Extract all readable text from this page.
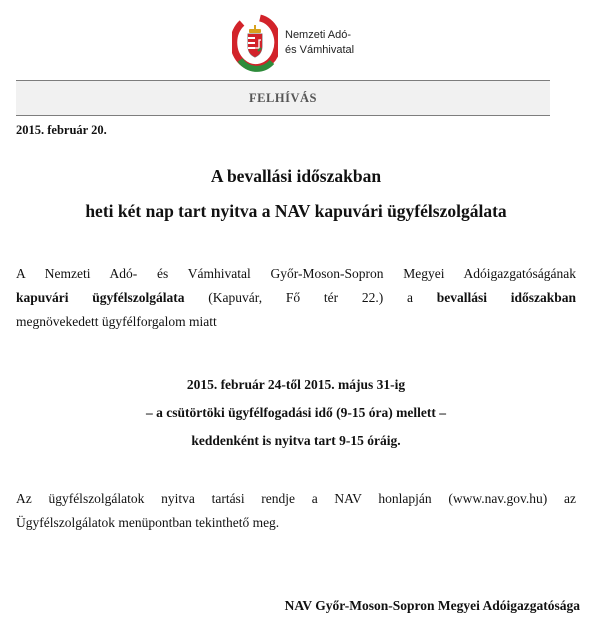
Nemzeti Adó-
és Vámhivatal
FELHÍVÁS
2015. február 20.
A bevallási időszakban
heti két nap tart nyitva a NAV kapuvári ügyfélszolgálata
A Nemzeti Adó- és Vámhivatal Győr-Moson-Sopron Megyei Adóigazgatóságának
kapuvári ügyfélszolgálata (Kapuvár, Fő tér 22.) a bevallási időszakban
megnövekedett ügyfélforgalom miatt
2015. február 24-től 2015. május 31-ig
– a csütörtöki ügyfélfogadási idő (9-15 óra) mellett –
keddenként is nyitva tart 9-15 óráig.
Az ügyfélszolgálatok nyitva tartási rendje a NAV honlapján (www.nav.gov.hu) az
Ügyfélszolgálatok menüpontban tekinthető meg.
NAV Győr-Moson-Sopron Megyei Adóigazgatósága
